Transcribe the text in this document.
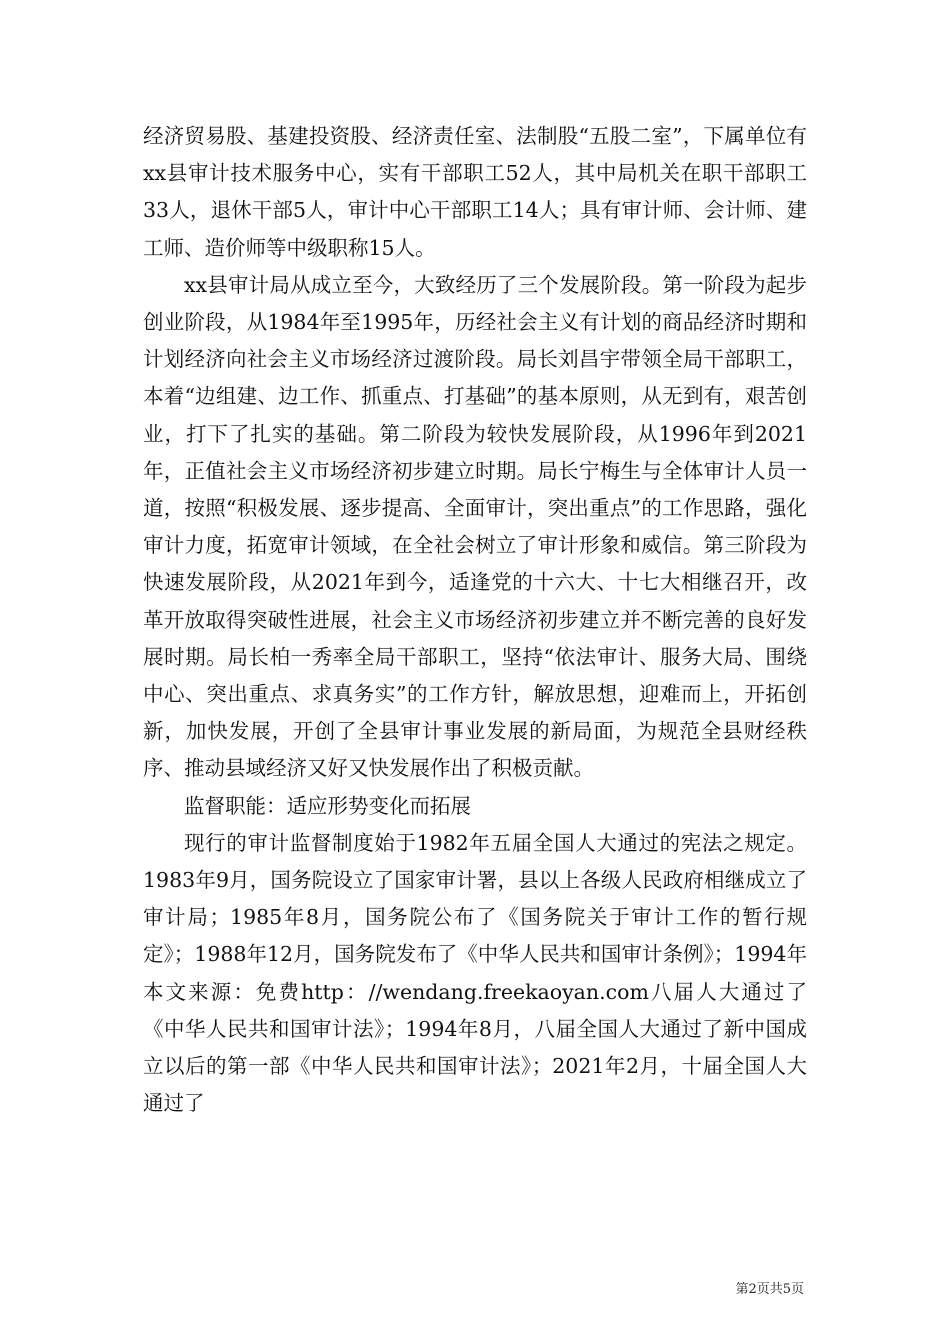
经济贸易股、基建投资股、经济责任室、法制股“五股二室”，下属单位有xx县审计技术服务中心，实有干部职工52人，其中局机关在职干部职工33人，退休干部5人，审计中心干部职工14人；具有审计师、会计师、建工师、造价师等中级职称15人。

xx县审计局从成立至今，大致经历了三个发展阶段。第一阶段为起步创业阶段，从1984年至1995年，历经社会主义有计划的商品经济时期和计划经济向社会主义市场经济过渡阶段。局长刘昌宇带领全局干部职工，本着“边组建、边工作、抓重点、打基础”的基本原则，从无到有，艰苦创业，打下了扎实的基础。第二阶段为较快发展阶段，从1996年到2021年，正值社会主义市场经济初步建立时期。局长宁梅生与全体审计人员一道，按照“积极发展、逐步提高、全面审计，突出重点”的工作思路，强化审计力度，拓宽审计领域，在全社会树立了审计形象和威信。第三阶段为快速发展阶段，从2021年到今，适逢党的十六大、十七大相继召开，改革开放取得突破性进展，社会主义市场经济初步建立并不断完善的良好发展时期。局长柏一秀率全局干部职工，坚持“依法审计、服务大局、围绕中心、突出重点、求真务实”的工作方针，解放思想，迎难而上，开拓创新，加快发展，开创了全县审计事业发展的新局面，为规范全县财经秩序、推动县域经济又好又快发展作出了积极贡献。

监督职能：适应形势变化而拓展

现行的审计监督制度始于1982年五届全国人大通过的宪法之规定。1983年9月，国务院设立了国家审计署，县以上各级人民政府相继成立了审计局；1985年8月，国务院公布了《国务院关于审计工作的暂行规定》；1988年12月，国务院发布了《中华人民共和国审计条例》；1994年本文来源：免费http：//wendang.freekaoyan.com八届人大通过了《中华人民共和国审计法》；1994年8月，八届全国人大通过了新中国成立以后的第一部《中华人民共和国审计法》；2021年2月，十届全国人大通过了

第2页共5页
